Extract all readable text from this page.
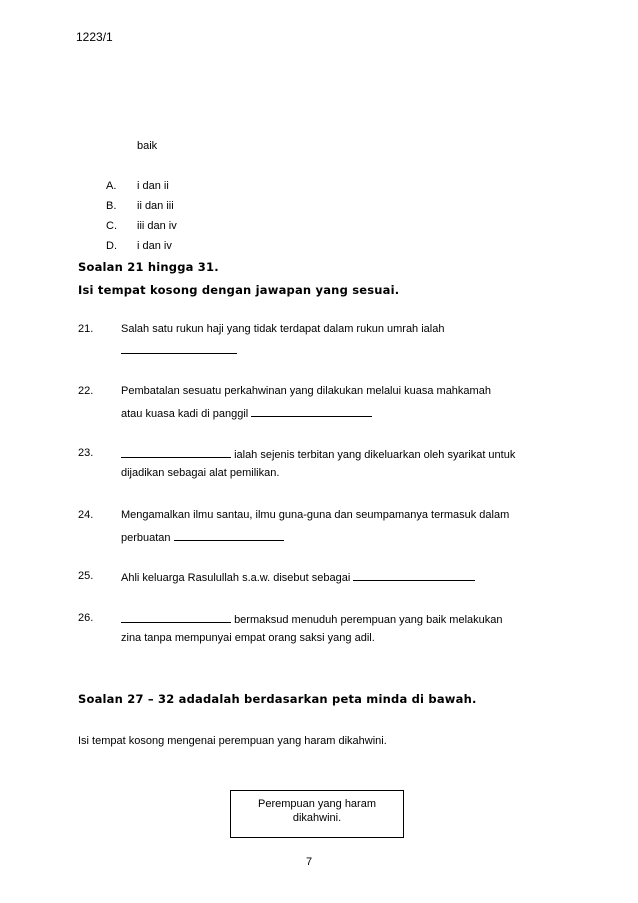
1223/1
baik
A. i dan ii
B. ii dan iii
C. iii dan iv
D. i dan iv
Soalan 21 hingga 31.
Isi tempat kosong dengan jawapan yang sesuai.
21.	Salah satu rukun haji yang tidak terdapat dalam rukun umrah ialah
22.	Pembatalan sesuatu perkahwinan yang dilakukan melalui kuasa mahkamah
atau kuasa kadi di panggil
23.	ialah sejenis terbitan yang dikeluarkan oleh syarikat untuk
dijadikan sebagai alat pemilikan.
24.	Mengamalkan ilmu santau, ilmu guna-guna dan seumpamanya termasuk dalam
perbuatan
25.	Ahli keluarga Rasulullah s.a.w. disebut sebagai
26.	bermaksud menuduh perempuan yang baik melakukan
zina tanpa mempunyai empat orang saksi yang adil.
Soalan 27 – 32 adadalah berdasarkan peta minda di bawah.
Isi tempat kosong mengenai perempuan yang haram dikahwini.
Perempuan yang haram
dikahwini.
7
